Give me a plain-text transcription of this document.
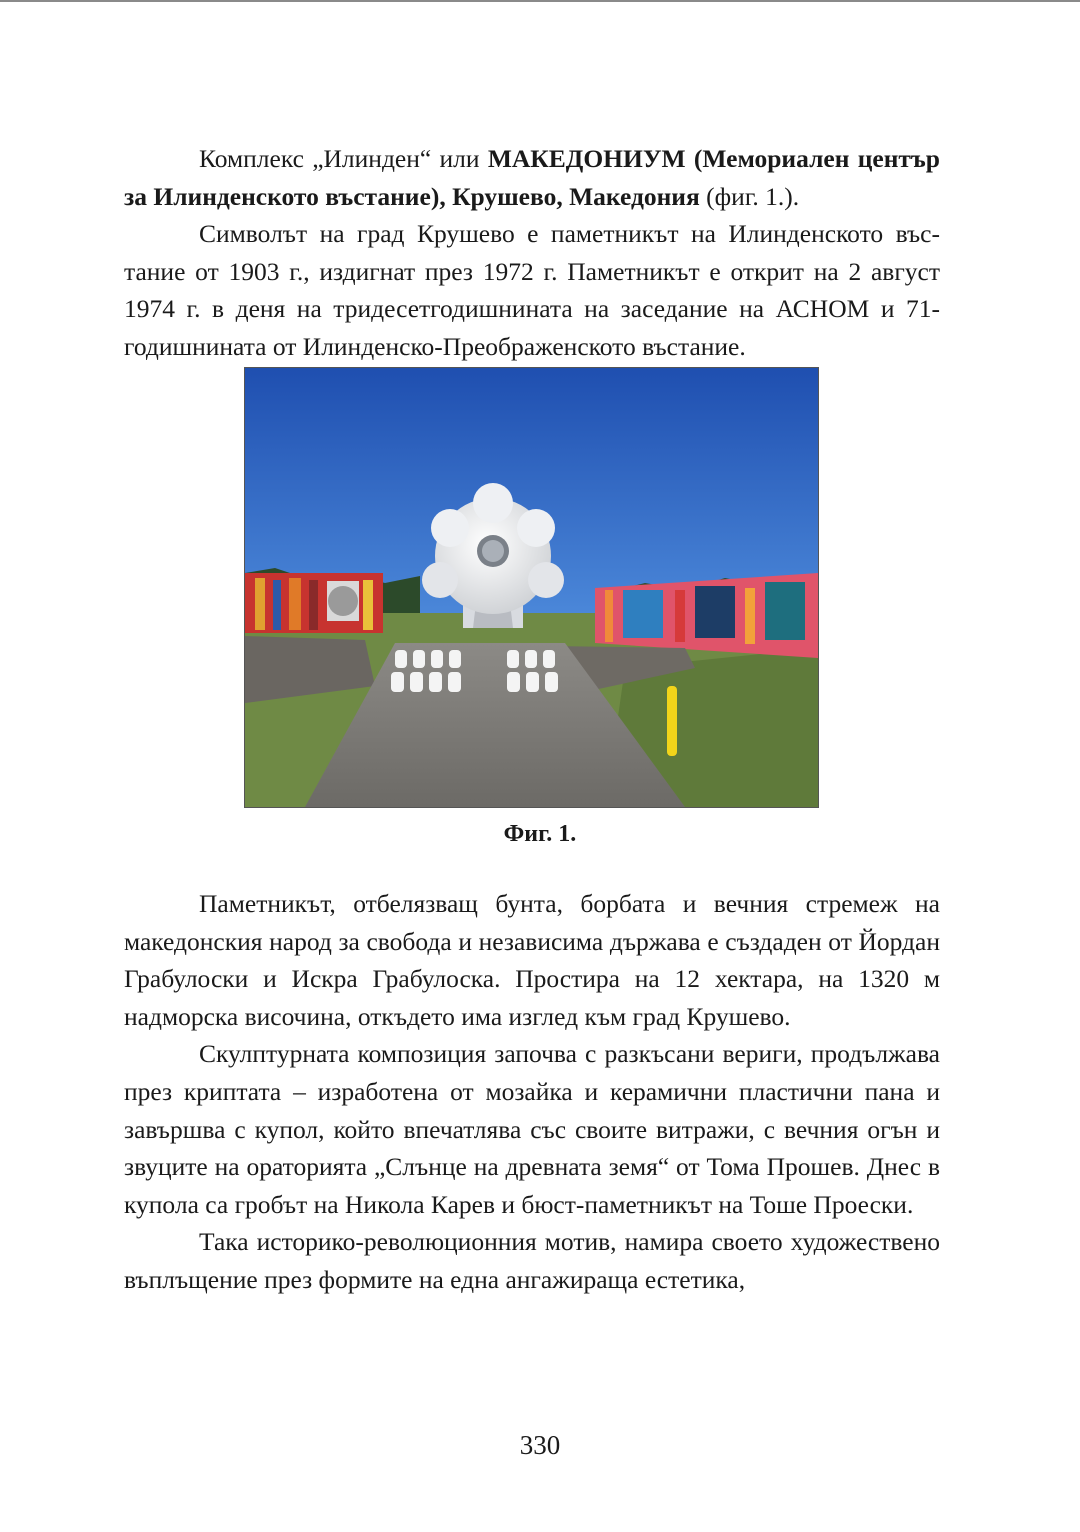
Комплекс „Илинден“ или МАКЕДОНИУМ (Мемориален център за Илинденското въстание), Крушево, Македония (фиг. 1.).

Символът на град Крушево е паметникът на Илинденското въстание от 1903 г., издигнат през 1972 г. Паметникът е открит на 2 август 1974 г. в деня на тридесетгодишнината на заседание на АСНОМ и 71-годишнината от Илинденско-Преображенското въстание.

Фиг. 1.

Паметникът, отбелязващ бунта, борбата и вечния стремеж на македонския народ за свобода и независима държава е създаден от Йордан Грабулоски и Искра Грабулоска. Простира на 12 хектара, на 1320 м надморска височина, откъдето има изглед към град Крушево.

Скулптурната композиция започва с разкъсани вериги, продължава през криптата – изработена от мозайка и керамични пластични пана и завършва с купол, който впечатлява със своите витражи, с вечния огън и звуците на ораторията „Слънце на древната земя“ от Тома Прошев. Днес в купола са гробът на Никола Карев и бюст-паметникът на Тоше Проески.

Така историко-революционния мотив, намира своето художествено въплъщение през формите на една ангажираща естетика,

330
